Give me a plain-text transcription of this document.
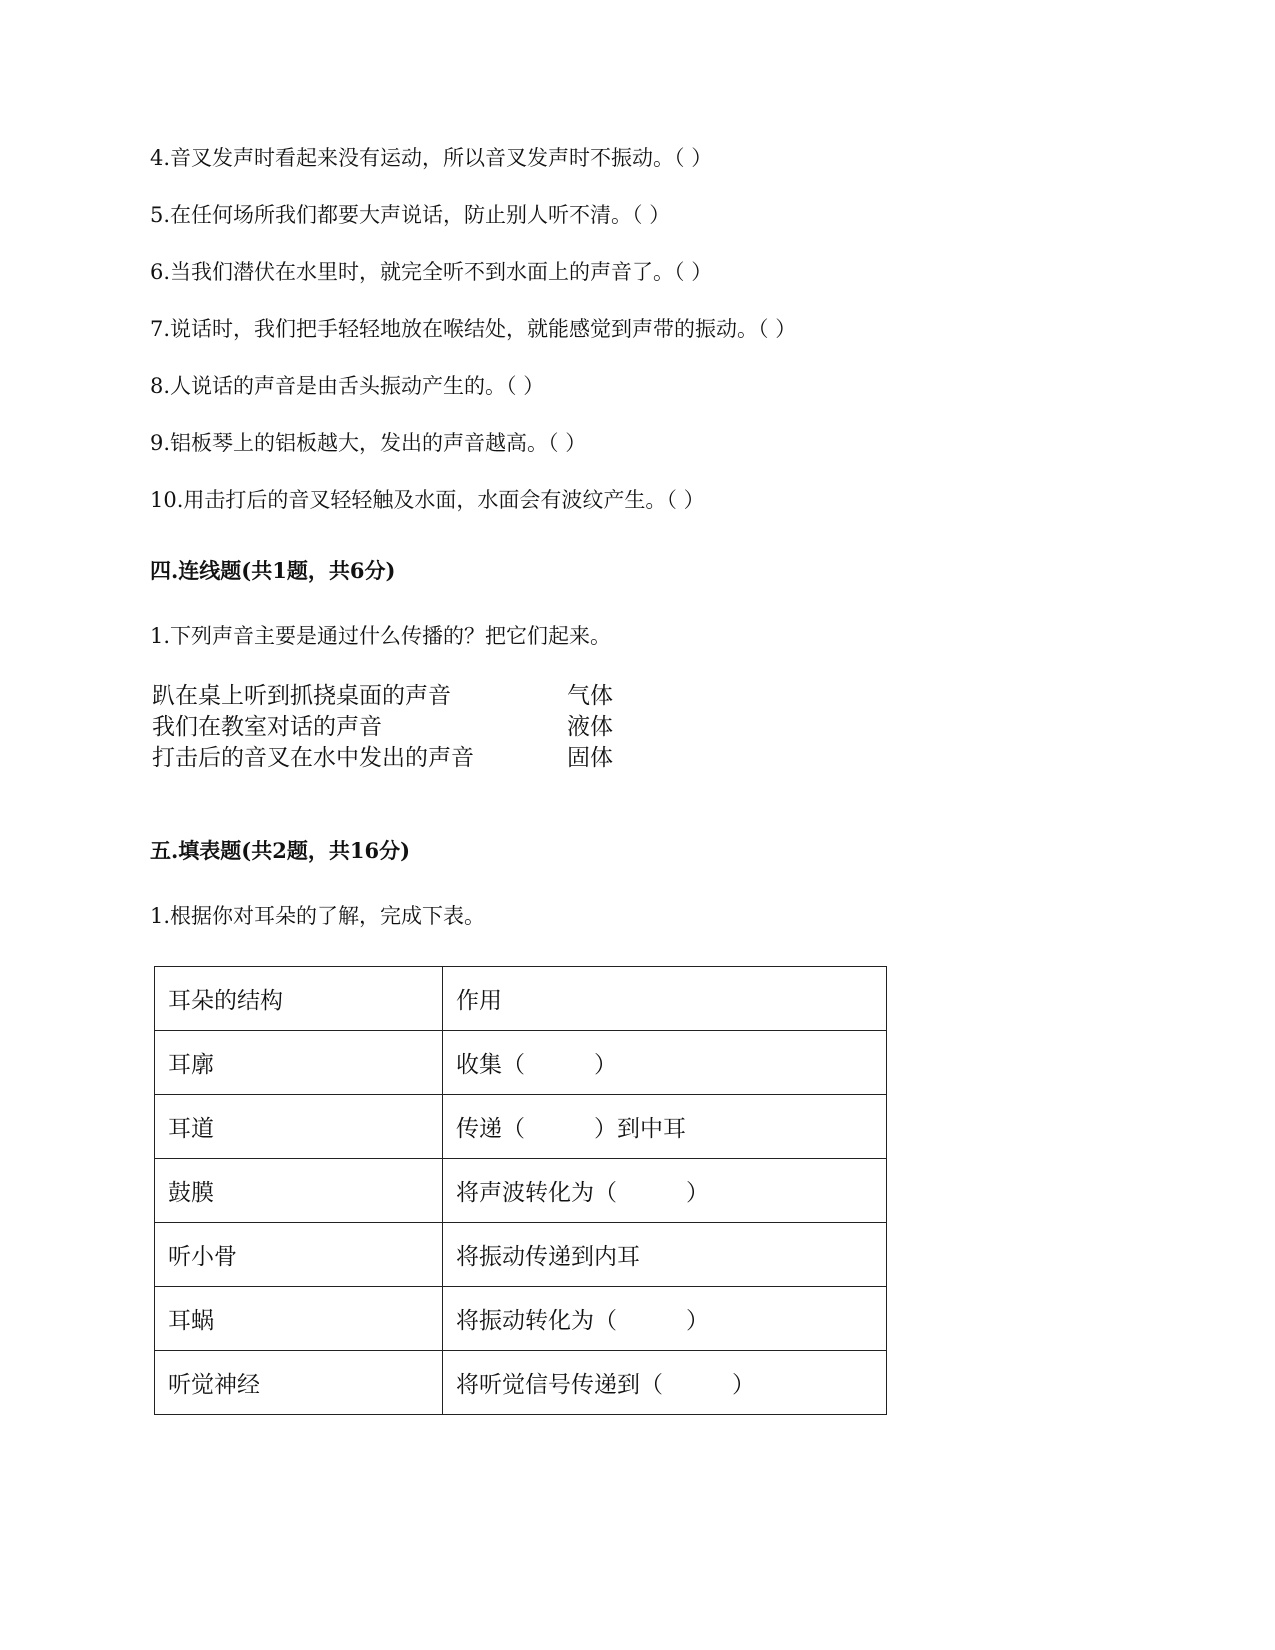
4.音叉发声时看起来没有运动，所以音叉发声时不振动。（ ）
5.在任何场所我们都要大声说话，防止别人听不清。（ ）
6.当我们潜伏在水里时，就完全听不到水面上的声音了。（ ）
7.说话时，我们把手轻轻地放在喉结处，就能感觉到声带的振动。（ ）
8.人说话的声音是由舌头振动产生的。（ ）
9.铝板琴上的铝板越大，发出的声音越高。（ ）
10.用击打后的音叉轻轻触及水面，水面会有波纹产生。（ ）
四.连线题(共1题，共6分)
1.下列声音主要是通过什么传播的？把它们起来。
趴在桌上听到抓挠桌面的声音	气体
我们在教室对话的声音	液体
打击后的音叉在水中发出的声音	固体
五.填表题(共2题，共16分)
1.根据你对耳朵的了解，完成下表。
耳朵的结构	作用
耳廓	收集（　　　）
耳道	传递（　　　）到中耳
鼓膜	将声波转化为（　　　）
听小骨	将振动传递到内耳
耳蜗	将振动转化为（　　　）
听觉神经	将听觉信号传递到（　　　）
